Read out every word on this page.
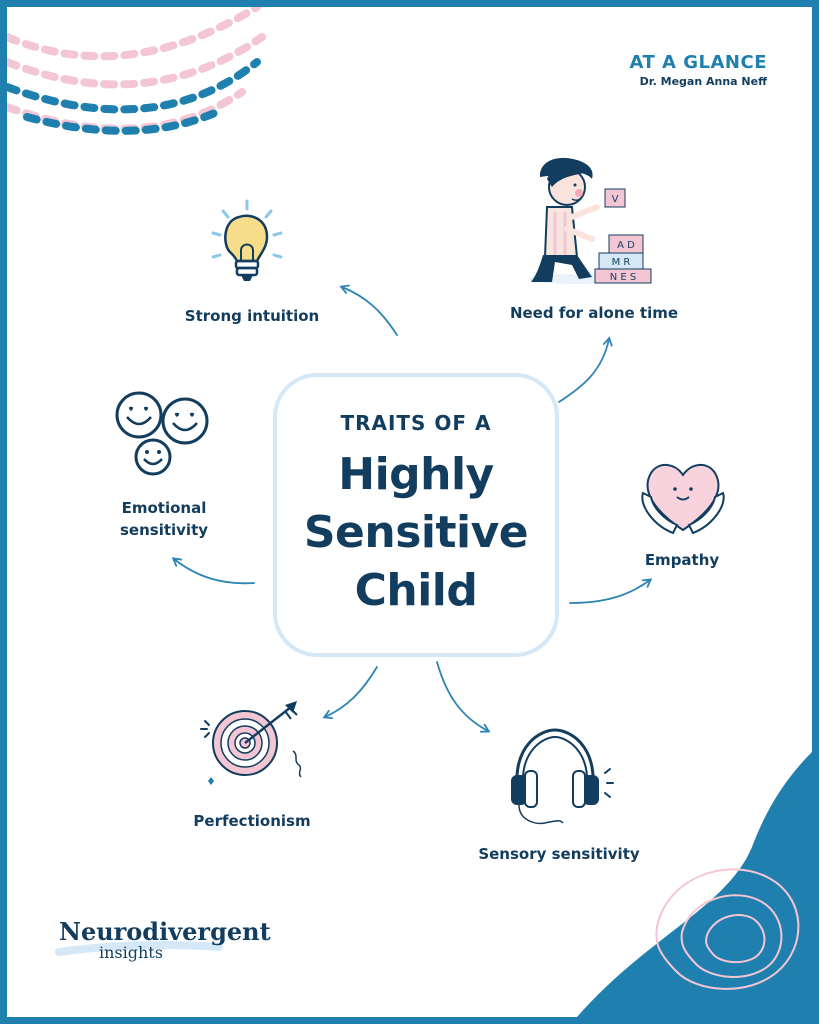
V
A D
M R
N E S
AT A GLANCE
Dr. Megan Anna Neff
TRAITS OF A
Highly
Sensitive
Child
Strong intuition	Need for alone time
Empathy
Sensory sensitivity
Perfectionism
Emotional
sensitivity
Neurodivergent
insights
